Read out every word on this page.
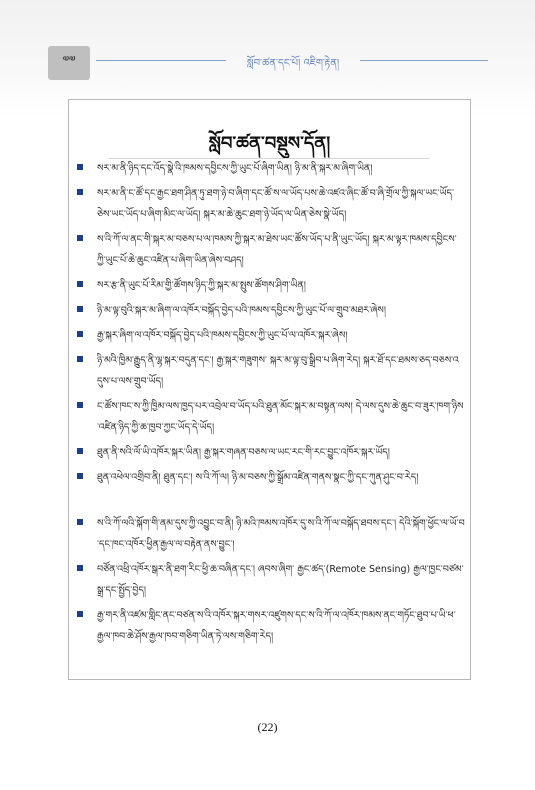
༧༧	སློབ་ཚན་དང་པོ། འཇིག་རྟེན།
སློབ་ཚན་བསྡུས་དོན།
སར་མ་ནི་ཉིད་དང་འོད་སྣེ་འི་ཁམས་དབྱིངས་ཀྱི་ཡུང་པོ་ཞིག་ཡིན། ཉི་མ་ནི་སྐར་མ་ཞིག་ཡིན།
སར་མ་ནི་ང་ཚོ་དང་རྒྱང་ཐག་ཤིན་ཏུ་ཐག་ཉེ་བ་ཞིག་དང་ཚོ་ས་ལ་ཡོད་པས་ཆེ་འཛའ་ཞིང་ཚོ་བ་ཞི་གྲོལ་ཀྱི་སྐལ་ཡང་ཡོད་ཅེས་ཡང་ཡོད་པ་ཞིག་མིང་ལ་ཡོད། སྐར་མ་ཆེ་ཆུང་ཐག་ཉེ་ཡོད་ལ་ཡིན་ཅེས་སྣེ་ཡོད།
ས་འི་ཀོ་ལ་ནང་གི་སྐར་མ་བཅས་པ་ལ་ཁམས་ཀྱི་སྐར་མ་ཐེས་ཡང་ཚོས་ཡོད་པ་ནི་ཡུང་ཡོད། སྐར་མ་ལྟར་ཁམས་དབྱིངས་ཀྱི་ཡུང་པོ་ཆེ་ཆུང་འཛིན་པ་ཞིག་ཡིན་ཞེས་བཤད།
སར་རྩ་ནི་ཡུང་པོ་རིམ་གྱི་ཚོགས་ཉིད་ཀྱི་སྐར་མ་སྤུས་ཚོགས་ཤིག་ཡིན།
ཉི་མ་ལྟ་བུའི་སྐར་མ་ཞིག་ལ་འཁོར་བསྐོད་བྱེད་པའི་ཁམས་དབྱིངས་ཀྱི་ཡུང་པོ་ལ་གྲུབ་མཐར་ཞེས།
རྒྱ་སྐར་ཞིག་ལ་འཁོར་བསྐོད་བྱེད་པའི་ཁམས་དབྱིངས་ཀྱི་ཡུང་པོ་ལ་འཁོར་སྐར་ཞེས།
ཉི་མའི་ཁྱིམ་རྒྱུད་ནི་ལྷ་སྐར་བདུན་དང་། རྒྱ་སྐར་གཟུགས་ སྐར་མ་ལྟ་བུ་སྒྲིབ་པ་ཞིག་རེད། སྐར་ཐོ་དང་ཐམས་ཅད་བཅས་འདུས་པ་ལས་གྲུབ་ཡོད།
ང་ཚོས་ཁང་ས་ཀྱི་ཁྱིམ་ལས་ཁྱད་པར་འབྲེལ་བ་ཡོད་པའི་ཐུན་མོང་སྐར་མ་བསྟན་ལས། དེ་ལས་དུས་ཆེ་ཆུང་བ་ཟུར་ཁག་ཉིས་འཛིན་ཉིད་ཀྱི་ཆ་ཁྱབ་ཀྱང་ཡོད་དེ་ཡོད།
ཐུན་ནི་སའི་ལོ་ཡི་འཁོར་སྐར་ཡིན། རྒྱ་སྐར་གཞན་བཅས་ལ་ཡང་རང་གི་རང་བྱུང་འཁོར་སྐར་ཡོད།
ཐུན་འཕེལ་འགྲིབ་ནི། ཐུན་དང་། ས་འི་ཀོ་ལ། ཉི་མ་བཅས་ཀྱི་སྒྲོམ་འཛིན་གནས་སྣང་ཀྱི་དང་ཀུན་ཤུང་བ་རེད།
ས་འི་ཀོ་ལའི་སྐོག་གི་ནམ་དུས་ཀྱི་འབྱུང་བ་ནི། ཉི་མའི་ཁམས་འཁོར་དུ་ས་འི་ཀོ་ལ་བསྐོད་ཐབས་དང་། དེའི་སྐོག་ཕྱོང་ལ་ཡོ་བ་དང་ཁང་འཁོར་ཕྱིན་རྒྱལ་ལ་བརྟེན་ནས་བྱུང་།
བཙོན་འཕྲི་འཁོར་སྒར་ནི་ཐག་རིང་ཕྱི་ཆ་བཞིན་དང་། ཞབས་ཞིག་ རྒྱང་ཚད་(Remote Sensing) རྒྱལ་ཁྱང་བཙམ་སྒྲ་དང་སྤྱོད་བྱེད།
རྒྱ་གར་ནི་འཛམ་གླིང་ནང་བཙན་ས་འི་འཁོར་སྐར་གསར་འཛུགས་དང་ས་འི་ཀོ་ལ་འཁོར་ཁམས་ནང་གཏོང་ཐུབ་པ་ཡི་ཕ་རྒྱལ་ཁབ་ཆེ་ཤོས་རྒྱལ་ཁབ་གཅིག་ཡིན་ཏེ་ལས་གཅིག་རེད།
(22)
